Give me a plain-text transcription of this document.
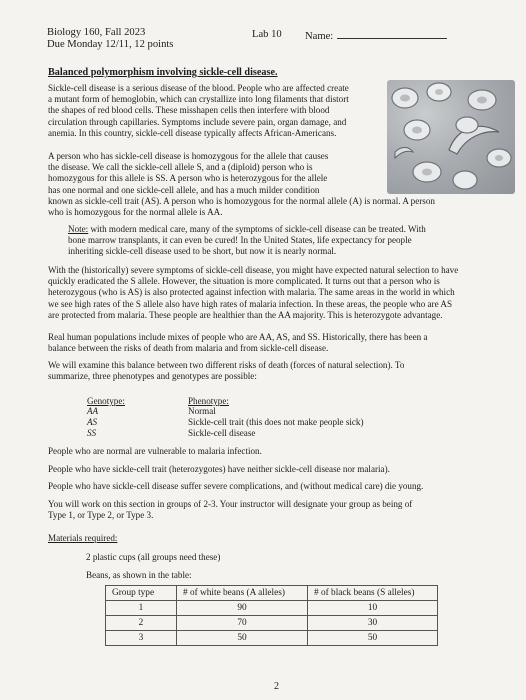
Biology 160, Fall 2023
Due Monday 12/11, 12 points
Lab 10 Name:
Balanced polymorphism involving sickle-cell disease.
Sickle-cell disease is a serious disease of the blood. People who are affected create
a mutant form of hemoglobin, which can crystallize into long filaments that distort
the shapes of red blood cells. These misshapen cells then interfere with blood
circulation through capillaries. Symptoms include severe pain, organ damage, and
anemia. In this country, sickle-cell disease typically affects African-Americans.
A person who has sickle-cell disease is homozygous for the allele that causes
the disease. We call the sickle-cell allele S, and a (diploid) person who is
homozygous for this allele is SS. A person who is heterozygous for the allele
has one normal and one sickle-cell allele, and has a much milder condition
known as sickle-cell trait (AS). A person who is homozygous for the normal allele (A) is normal. A person
who is homozygous for the normal allele is AA.
Note: with modern medical care, many of the symptoms of sickle-cell disease can be treated. With
bone marrow transplants, it can even be cured! In the United States, life expectancy for people
inheriting sickle-cell disease used to be short, but now it is nearly normal.
With the (historically) severe symptoms of sickle-cell disease, you might have expected natural selection to have
quickly eradicated the S allele. However, the situation is more complicated. It turns out that a person who is
heterozygous (who is AS) is also protected against infection with malaria. The same areas in the world in which
we see high rates of the S allele also have high rates of malaria infection. In these areas, the people who are AS
are protected from malaria. These people are healthier than the AA majority. This is heterozygote advantage.
Real human populations include mixes of people who are AA, AS, and SS. Historically, there has been a
balance between the risks of death from malaria and from sickle-cell disease.
We will examine this balance between two different risks of death (forces of natural selection). To
summarize, three phenotypes and genotypes are possible:
Genotype:	Phenotype:
AA	Normal
AS	Sickle-cell trait (this does not make people sick)
SS	Sickle-cell disease
People who are normal are vulnerable to malaria infection.
People who have sickle-cell trait (heterozygotes) have neither sickle-cell disease nor malaria).
People who have sickle-cell disease suffer severe complications, and (without medical care) die young.
You will work on this section in groups of 2-3. Your instructor will designate your group as being of
Type 1, or Type 2, or Type 3.
Materials required:
2 plastic cups (all groups need these)
Beans, as shown in the table:
Group type	# of white beans (A alleles)	# of black beans (S alleles)
1	90	10
2	70	30
3	50	50
2
